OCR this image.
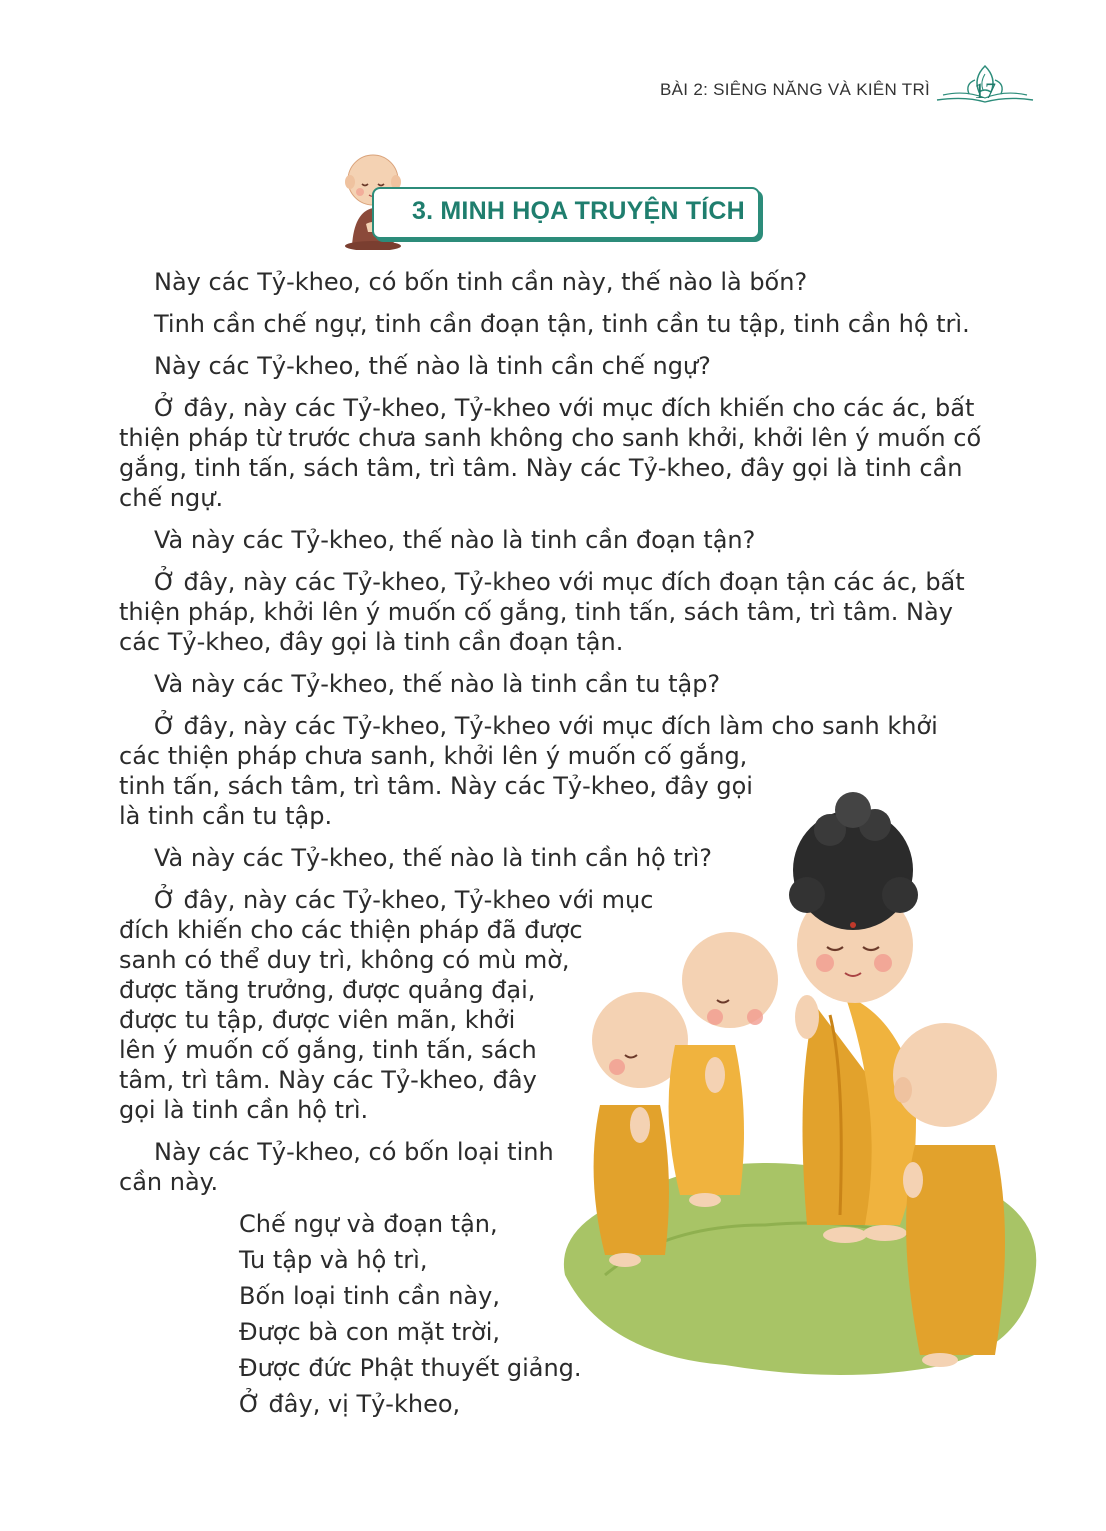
BÀI 2: SIÊNG NĂNG VÀ KIÊN TRÌ 17
3. MINH HỌA TRUYỆN TÍCH
Này các Tỷ-kheo, có bốn tinh cần này, thế nào là bốn?
Tinh cần chế ngự, tinh cần đoạn tận, tinh cần tu tập, tinh cần hộ trì.
Này các Tỷ-kheo, thế nào là tinh cần chế ngự?
Ở đây, này các Tỷ-kheo, Tỷ-kheo với mục đích khiến cho các ác, bất
thiện pháp từ trước chưa sanh không cho sanh khởi, khởi lên ý muốn cố
gắng, tinh tấn, sách tâm, trì tâm. Này các Tỷ-kheo, đây gọi là tinh cần
chế ngự.
Và này các Tỷ-kheo, thế nào là tinh cần đoạn tận?
Ở đây, này các Tỷ-kheo, Tỷ-kheo với mục đích đoạn tận các ác, bất
thiện pháp, khởi lên ý muốn cố gắng, tinh tấn, sách tâm, trì tâm. Này
các Tỷ-kheo, đây gọi là tinh cần đoạn tận.
Và này các Tỷ-kheo, thế nào là tinh cần tu tập?
Ở đây, này các Tỷ-kheo, Tỷ-kheo với mục đích làm cho sanh khởi
các thiện pháp chưa sanh, khởi lên ý muốn cố gắng,
tinh tấn, sách tâm, trì tâm. Này các Tỷ-kheo, đây gọi
là tinh cần tu tập.
Và này các Tỷ-kheo, thế nào là tinh cần hộ trì?
Ở đây, này các Tỷ-kheo, Tỷ-kheo với mục
đích khiến cho các thiện pháp đã được
sanh có thể duy trì, không có mù mờ,
được tăng trưởng, được quảng đại,
được tu tập, được viên mãn, khởi
lên ý muốn cố gắng, tinh tấn, sách
tâm, trì tâm. Này các Tỷ-kheo, đây
gọi là tinh cần hộ trì.
Này các Tỷ-kheo, có bốn loại tinh
cần này.
Chế ngự và đoạn tận,
Tu tập và hộ trì,
Bốn loại tinh cần này,
Được bà con mặt trời,
Được đức Phật thuyết giảng.
Ở đây, vị Tỷ-kheo,
